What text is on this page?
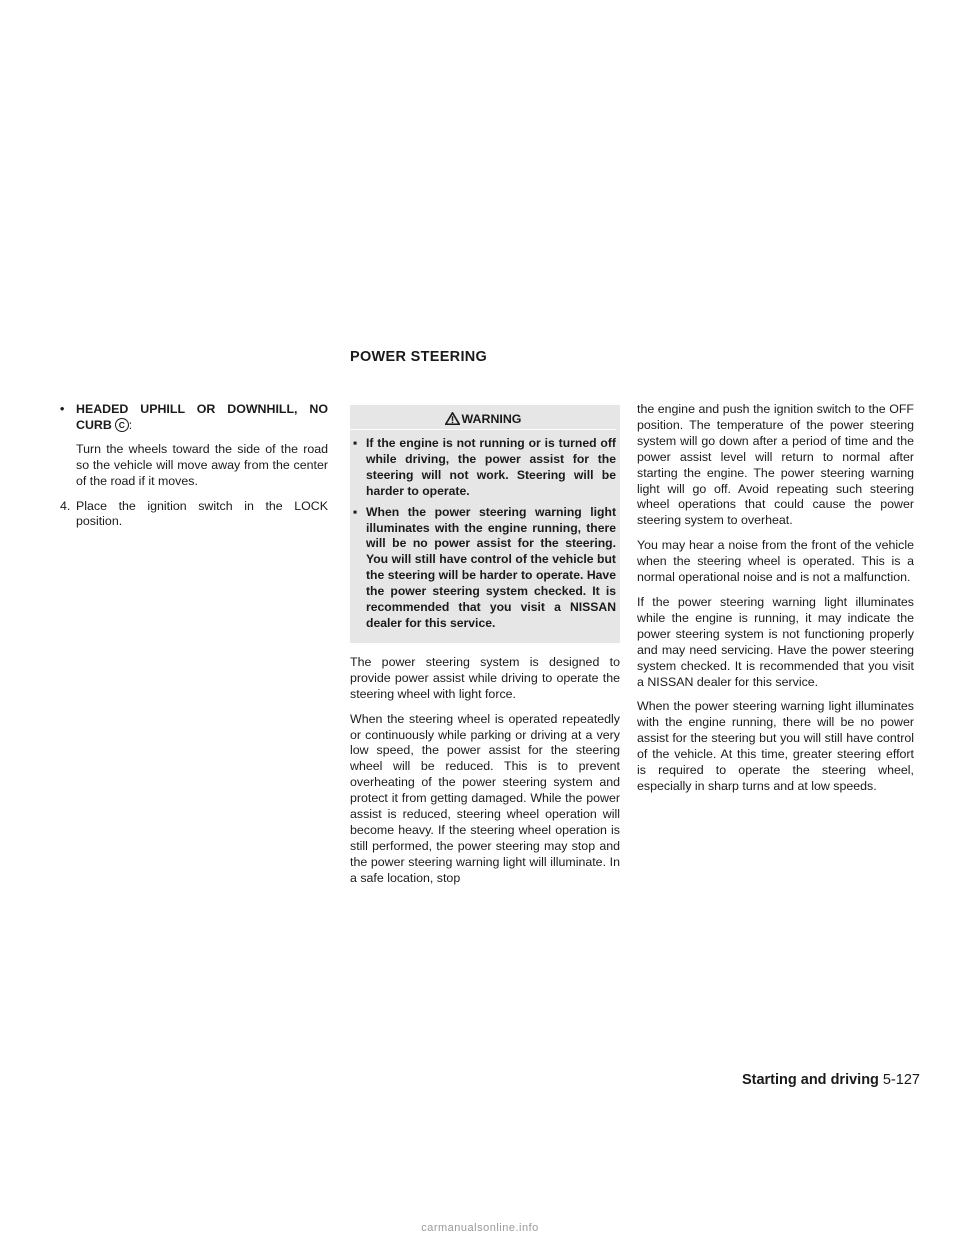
POWER STEERING
• HEADED UPHILL OR DOWNHILL, NO CURB C :

Turn the wheels toward the side of the road so the vehicle will move away from the center of the road if it moves.

4. Place the ignition switch in the LOCK position.

WARNING
▪ If the engine is not running or is turned off while driving, the power assist for the steering will not work. Steering will be harder to operate.
▪ When the power steering warning light illuminates with the engine running, there will be no power assist for the steering. You will still have control of the vehicle but the steering will be harder to operate. Have the power steering system checked. It is recommended that you visit a NISSAN dealer for this service.

The power steering system is designed to provide power assist while driving to operate the steering wheel with light force.

When the steering wheel is operated repeatedly or continuously while parking or driving at a very low speed, the power assist for the steering wheel will be reduced. This is to prevent overheating of the power steering system and protect it from getting damaged. While the power assist is reduced, steering wheel operation will become heavy. If the steering wheel operation is still performed, the power steering may stop and the power steering warning light will illuminate. In a safe location, stop

the engine and push the ignition switch to the OFF position. The temperature of the power steering system will go down after a period of time and the power assist level will return to normal after starting the engine. The power steering warning light will go off. Avoid repeating such steering wheel operations that could cause the power steering system to overheat.

You may hear a noise from the front of the vehicle when the steering wheel is operated. This is a normal operational noise and is not a malfunction.

If the power steering warning light illuminates while the engine is running, it may indicate the power steering system is not functioning properly and may need servicing. Have the power steering system checked. It is recommended that you visit a NISSAN dealer for this service.

When the power steering warning light illuminates with the engine running, there will be no power assist for the steering but you will still have control of the vehicle. At this time, greater steering effort is required to operate the steering wheel, especially in sharp turns and at low speeds.

Starting and driving 5-127
carmanualsonline.info
